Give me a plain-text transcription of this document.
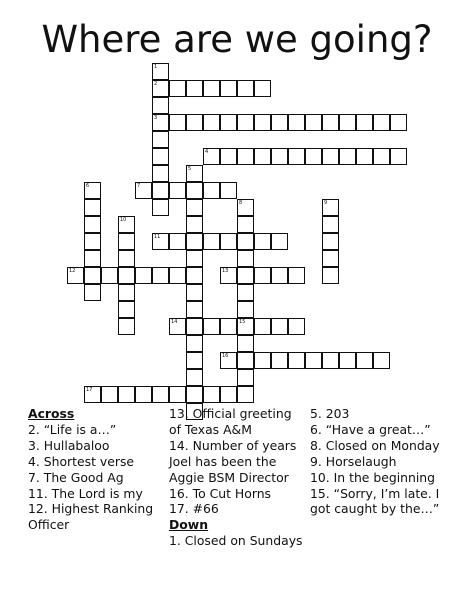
Where are we going?
1
2
3
4
5
6	7
8	9
10
11
12	13
14	15
16
17
Across
2. “Life is a…”
3. Hullabaloo
4. Shortest verse
7. The Good Ag
11. The Lord is my
12. Highest Ranking Officer
13. Official greeting of Texas A&M
14. Number of years Joel has been the Aggie BSM Director
16. To Cut Horns
17. #66
Down
1. Closed on Sundays
5. 203
6. “Have a great…”
8. Closed on Monday
9. Horselaugh
10. In the beginning
15. “Sorry, I’m late. I got caught by the…”
